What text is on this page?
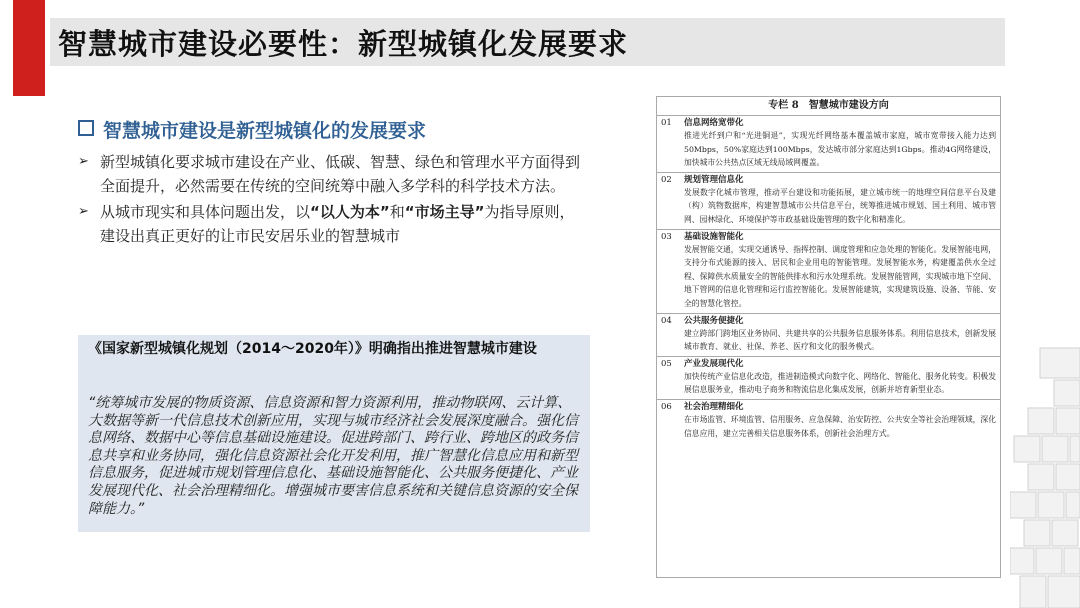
智慧城市建设必要性：新型城镇化发展要求
智慧城市建设是新型城镇化的发展要求
➢ 新型城镇化要求城市建设在产业、低碳、智慧、绿色和管理水平方面得到全面提升，必然需要在传统的空间统筹中融入多学科的科学技术方法。
➢ 从城市现实和具体问题出发，以“以人为本”和“市场主导”为指导原则，建设出真正更好的让市民安居乐业的智慧城市
《国家新型城镇化规划（2014～2020年）》明确指出推进智慧城市建设
“统筹城市发展的物质资源、信息资源和智力资源利用，推动物联网、云计算、大数据等新一代信息技术创新应用，实现与城市经济社会发展深度融合。强化信息网络、数据中心等信息基础设施建设。促进跨部门、跨行业、跨地区的政务信息共享和业务协同，强化信息资源社会化开发利用，推广智慧化信息应用和新型信息服务，促进城市规划管理信息化、基础设施智能化、公共服务便捷化、产业发展现代化、社会治理精细化。增强城市要害信息系统和关键信息资源的安全保障能力。”
专栏 8　智慧城市建设方向
01	信息网络宽带化
推进光纤到户和“光进铜退”，实现光纤网络基本覆盖城市家庭，城市宽带接入能力达到50Mbps，50%家庭达到100Mbps，发达城市部分家庭达到1Gbps。推动4G网络建设，加快城市公共热点区域无线局域网覆盖。
02	规划管理信息化
发展数字化城市管理，推动平台建设和功能拓展，建立城市统一的地理空间信息平台及建（构）筑物数据库，构建智慧城市公共信息平台，统筹推进城市规划、国土利用、城市管网、园林绿化、环境保护等市政基础设施管理的数字化和精准化。
03	基础设施智能化
发展智能交通，实现交通诱导、指挥控制、调度管理和应急处理的智能化。发展智能电网，支持分布式能源的接入、居民和企业用电的智能管理。发展智能水务，构建覆盖供水全过程、保障供水质量安全的智能供排水和污水处理系统。发展智能管网，实现城市地下空间、地下管网的信息化管理和运行监控智能化。发展智能建筑，实现建筑设施、设备、节能、安全的智慧化管控。
04	公共服务便捷化
建立跨部门跨地区业务协同、共建共享的公共服务信息服务体系。利用信息技术，创新发展城市教育、就业、社保、养老、医疗和文化的服务模式。
05	产业发展现代化
加快传统产业信息化改造，推进制造模式向数字化、网络化、智能化、服务化转变。积极发展信息服务业，推动电子商务和物流信息化集成发展，创新并培育新型业态。
06	社会治理精细化
在市场监管、环境监管、信用服务、应急保障、治安防控、公共安全等社会治理领域，深化信息应用，建立完善相关信息服务体系，创新社会治理方式。
